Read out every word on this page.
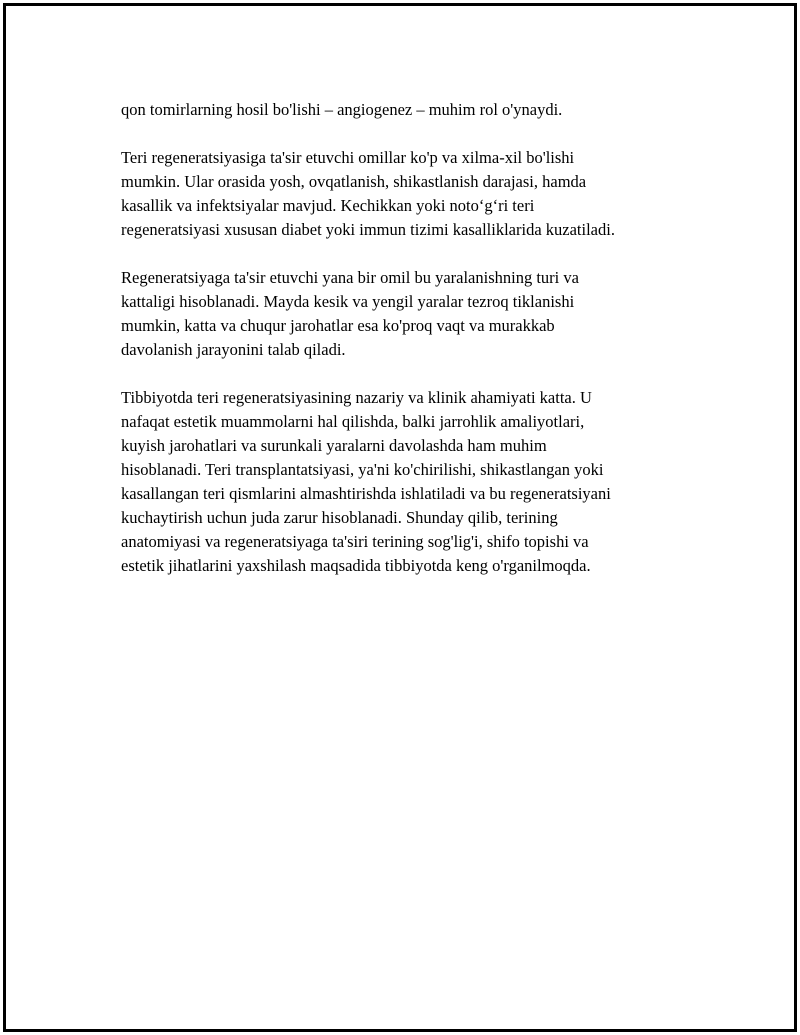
qon tomirlarning hosil bo'lishi – angiogenez – muhim rol o'ynaydi.

Teri regeneratsiyasiga ta'sir etuvchi omillar ko'p va xilma-xil bo'lishi
mumkin. Ular orasida yosh, ovqatlanish, shikastlanish darajasi, hamda
kasallik va infektsiyalar mavjud. Kechikkan yoki noto‘g‘ri teri
regeneratsiyasi xususan diabet yoki immun tizimi kasalliklarida kuzatiladi.

Regeneratsiyaga ta'sir etuvchi yana bir omil bu yaralanishning turi va
kattaligi hisoblanadi. Mayda kesik va yengil yaralar tezroq tiklanishi
mumkin, katta va chuqur jarohatlar esa ko'proq vaqt va murakkab
davolanish jarayonini talab qiladi.

Tibbiyotda teri regeneratsiyasining nazariy va klinik ahamiyati katta. U
nafaqat estetik muammolarni hal qilishda, balki jarrohlik amaliyotlari,
kuyish jarohatlari va surunkali yaralarni davolashda ham muhim
hisoblanadi. Teri transplantatsiyasi, ya'ni ko'chirilishi, shikastlangan yoki
kasallangan teri qismlarini almashtirishda ishlatiladi va bu regeneratsiyani
kuchaytirish uchun juda zarur hisoblanadi. Shunday qilib, terining
anatomiyasi va regeneratsiyaga ta'siri terining sog'lig'i, shifo topishi va
estetik jihatlarini yaxshilash maqsadida tibbiyotda keng o'rganilmoqda.
